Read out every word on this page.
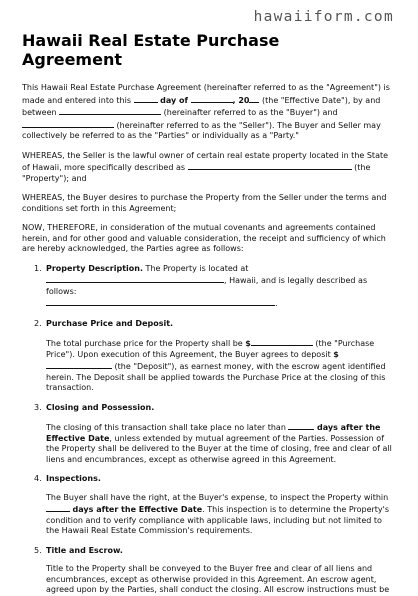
hawaiiform.com
Hawaii Real Estate Purchase Agreement

This Hawaii Real Estate Purchase Agreement (hereinafter referred to as the "Agreement") is made and entered into this	day of	, 20 (the "Effective Date"), by and between	(hereinafter referred to as the "Buyer") and  (hereinafter referred to as the "Seller"). The Buyer and Seller may collectively be referred to as the "Parties" or individually as a "Party."

WHEREAS, the Seller is the lawful owner of certain real estate property located in the State of Hawaii, more specifically described as	(the "Property"); and

WHEREAS, the Buyer desires to purchase the Property from the Seller under the terms and conditions set forth in this Agreement;

NOW, THEREFORE, in consideration of the mutual covenants and agreements contained herein, and for other good and valuable consideration, the receipt and sufficiency of which are hereby acknowledged, the Parties agree as follows:

1. Property Description. The Property is located at
, Hawaii, and is legally described as follows:
.
2. Purchase Price and Deposit.

The total purchase price for the Property shall be $	(the "Purchase Price"). Upon execution of this Agreement, the Buyer agrees to deposit $ (the "Deposit"), as earnest money, with the escrow agent identified herein. The Deposit shall be applied towards the Purchase Price at the closing of this transaction.

3. Closing and Possession.

The closing of this transaction shall take place no later than	days after the Effective Date, unless extended by mutual agreement of the Parties. Possession of the Property shall be delivered to the Buyer at the time of closing, free and clear of all liens and encumbrances, except as otherwise agreed in this Agreement.

4. Inspections.

The Buyer shall have the right, at the Buyer's expense, to inspect the Property within  days after the Effective Date. This inspection is to determine the Property's condition and to verify compliance with applicable laws, including but not limited to the Hawaii Real Estate Commission's requirements.

5. Title and Escrow.

Title to the Property shall be conveyed to the Buyer free and clear of all liens and encumbrances, except as otherwise provided in this Agreement. An escrow agent, agreed upon by the Parties, shall conduct the closing. All escrow instructions must be
